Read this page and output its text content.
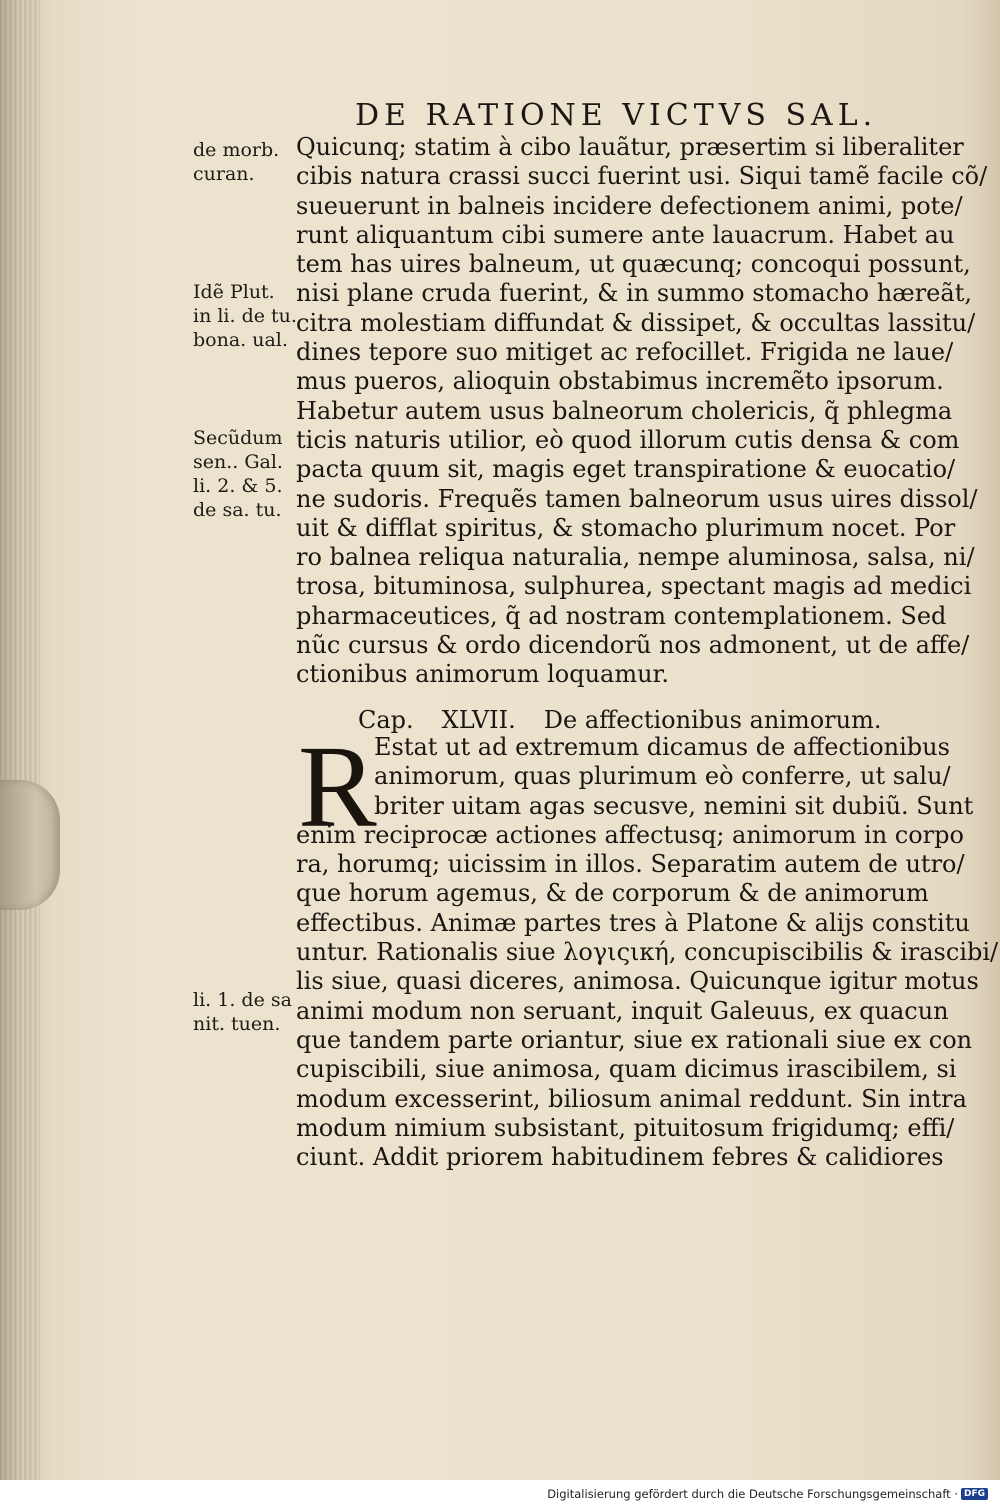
DE RATIONE VICTVS SAL.
de morb.
curan.
Idẽ Plut.
in li. de tu.
bona. ual.
Secũdum
sen.. Gal.
li. 2. & 5.
de sa. tu.
li. 1. de sa
nit. tuen.
Quicunq; statim à cibo lauãtur, præsertim si liberaliter
cibis natura crassi succi fuerint usi. Siqui tamẽ facile cõ/
sueuerunt in balneis incidere defectionem animi, pote/
runt aliquantum cibi sumere ante lauacrum. Habet au
tem has uires balneum, ut quæcunq; concoqui possunt,
nisi plane cruda fuerint, & in summo stomacho hæreãt,
citra molestiam diffundat & dissipet, & occultas lassitu/
dines tepore suo mitiget ac refocillet. Frigida ne laue/
mus pueros, alioquin obstabimus incremẽto ipsorum.
Habetur autem usus balneorum cholericis, q̃ phlegma
ticis naturis utilior, eò quod illorum cutis densa & com
pacta quum sit, magis eget transpiratione & euocatio/
ne sudoris. Frequẽs tamen balneorum usus uires dissol/
uit & difflat spiritus, & stomacho plurimum nocet. Por
ro balnea reliqua naturalia, nempe aluminosa, salsa, ni/
trosa, bituminosa, sulphurea, spectant magis ad medici
pharmaceutices, q̃ ad nostram contemplationem. Sed
nũc cursus & ordo dicendorũ nos admonent, ut de affe/
ctionibus animorum loquamur.
Cap. XLVII. De affectionibus animorum.
R
Estat ut ad extremum dicamus de affectionibus
animorum, quas plurimum eò conferre, ut salu/
briter uitam agas secusve, nemini sit dubiũ. Sunt
enim reciprocæ actiones affectusq; animorum in corpo
ra, horumq; uicissim in illos. Separatim autem de utro/
que horum agemus, & de corporum & de animorum
effectibus. Animæ partes tres à Platone & alijs constitu
untur. Rationalis siue λογιςική, concupiscibilis & irascibi/
lis siue, quasi diceres, animosa. Quicunque igitur motus
animi modum non seruant, inquit Galeuus, ex quacun
que tandem parte oriantur, siue ex rationali siue ex con
cupiscibili, siue animosa, quam dicimus irascibilem, si
modum excesserint, biliosum animal reddunt. Sin intra
modum nimium subsistant, pituitosum frigidumq; effi/
ciunt. Addit priorem habitudinem febres & calidiores
Digitalisierung gefördert durch die Deutsche Forschungsgemeinschaft · DFG
